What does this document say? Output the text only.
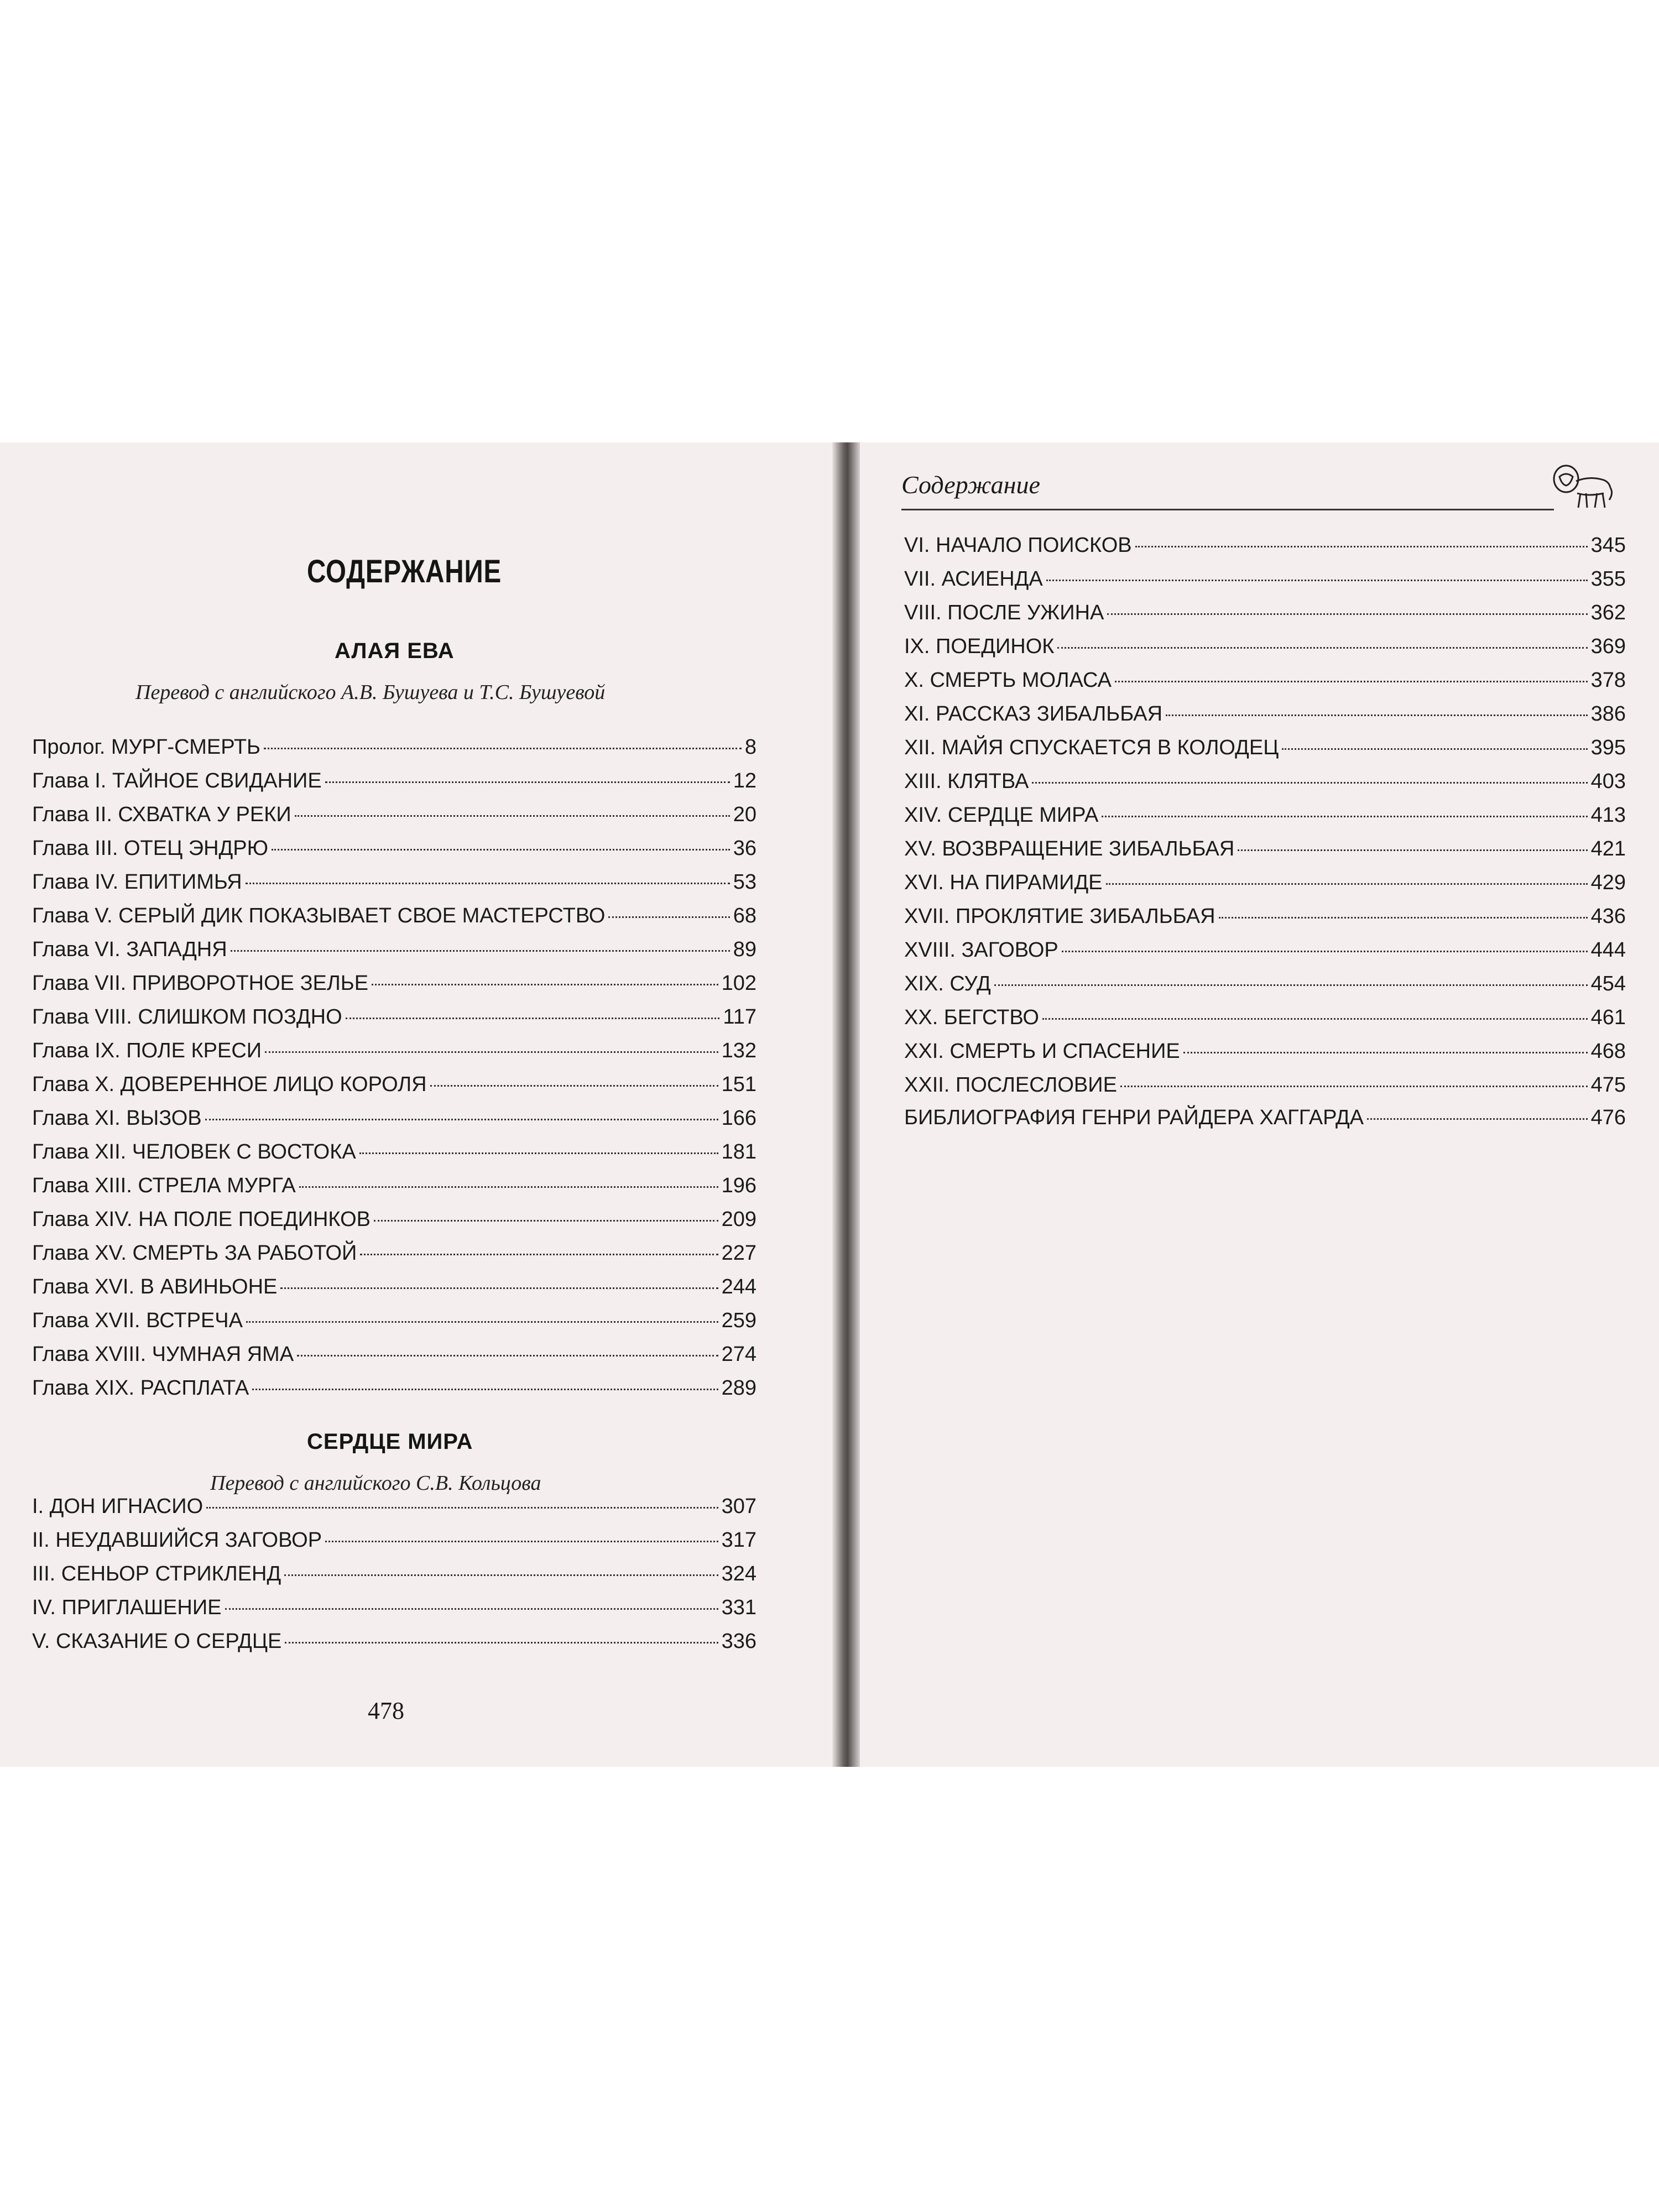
СОДЕРЖАНИЕ
АЛАЯ ЕВА
Перевод с английского А.В. Бушуева и Т.С. Бушуевой
Пролог. МУРГ-СМЕРТЬ	8
Глава I. ТАЙНОЕ СВИДАНИЕ	12
Глава II. СХВАТКА У РЕКИ	20
Глава III. ОТЕЦ ЭНДРЮ	36
Глава IV. ЕПИТИМЬЯ	53
Глава V. СЕРЫЙ ДИК ПОКАЗЫВАЕТ СВОЕ МАСТЕРСТВО	68
Глава VI. ЗАПАДНЯ	89
Глава VII. ПРИВОРОТНОЕ ЗЕЛЬЕ	102
Глава VIII. СЛИШКОМ ПОЗДНО	117
Глава IX. ПОЛЕ КРЕСИ	132
Глава X. ДОВЕРЕННОЕ ЛИЦО КОРОЛЯ	151
Глава XI. ВЫЗОВ	166
Глава XII. ЧЕЛОВЕК С ВОСТОКА	181
Глава XIII. СТРЕЛА МУРГА	196
Глава XIV. НА ПОЛЕ ПОЕДИНКОВ	209
Глава XV. СМЕРТЬ ЗА РАБОТОЙ	227
Глава XVI. В АВИНЬОНЕ	244
Глава XVII. ВСТРЕЧА	259
Глава XVIII. ЧУМНАЯ ЯМА	274
Глава XIX. РАСПЛАТА	289
СЕРДЦЕ МИРА
Перевод с английского С.В. Кольцова
I. ДОН ИГНАСИО	307
II. НЕУДАВШИЙСЯ ЗАГОВОР	317
III. СЕНЬОР СТРИКЛЕНД	324
IV. ПРИГЛАШЕНИЕ	331
V. СКАЗАНИЕ О СЕРДЦЕ	336
478
Содержание
VI. НАЧАЛО ПОИСКОВ	345
VII. АСИЕНДА	355
VIII. ПОСЛЕ УЖИНА	362
IX. ПОЕДИНОК	369
X. СМЕРТЬ МОЛАСА	378
XI. РАССКАЗ ЗИБАЛЬБАЯ	386
XII. МАЙЯ СПУСКАЕТСЯ В КОЛОДЕЦ	395
XIII. КЛЯТВА	403
XIV. СЕРДЦЕ МИРА	413
XV. ВОЗВРАЩЕНИЕ ЗИБАЛЬБАЯ	421
XVI. НА ПИРАМИДЕ	429
XVII. ПРОКЛЯТИЕ ЗИБАЛЬБАЯ	436
XVIII. ЗАГОВОР	444
XIX. СУД	454
XX. БЕГСТВО	461
XXI. СМЕРТЬ И СПАСЕНИЕ	468
XXII. ПОСЛЕСЛОВИЕ	475
БИБЛИОГРАФИЯ ГЕНРИ РАЙДЕРА ХАГГАРДА	476
